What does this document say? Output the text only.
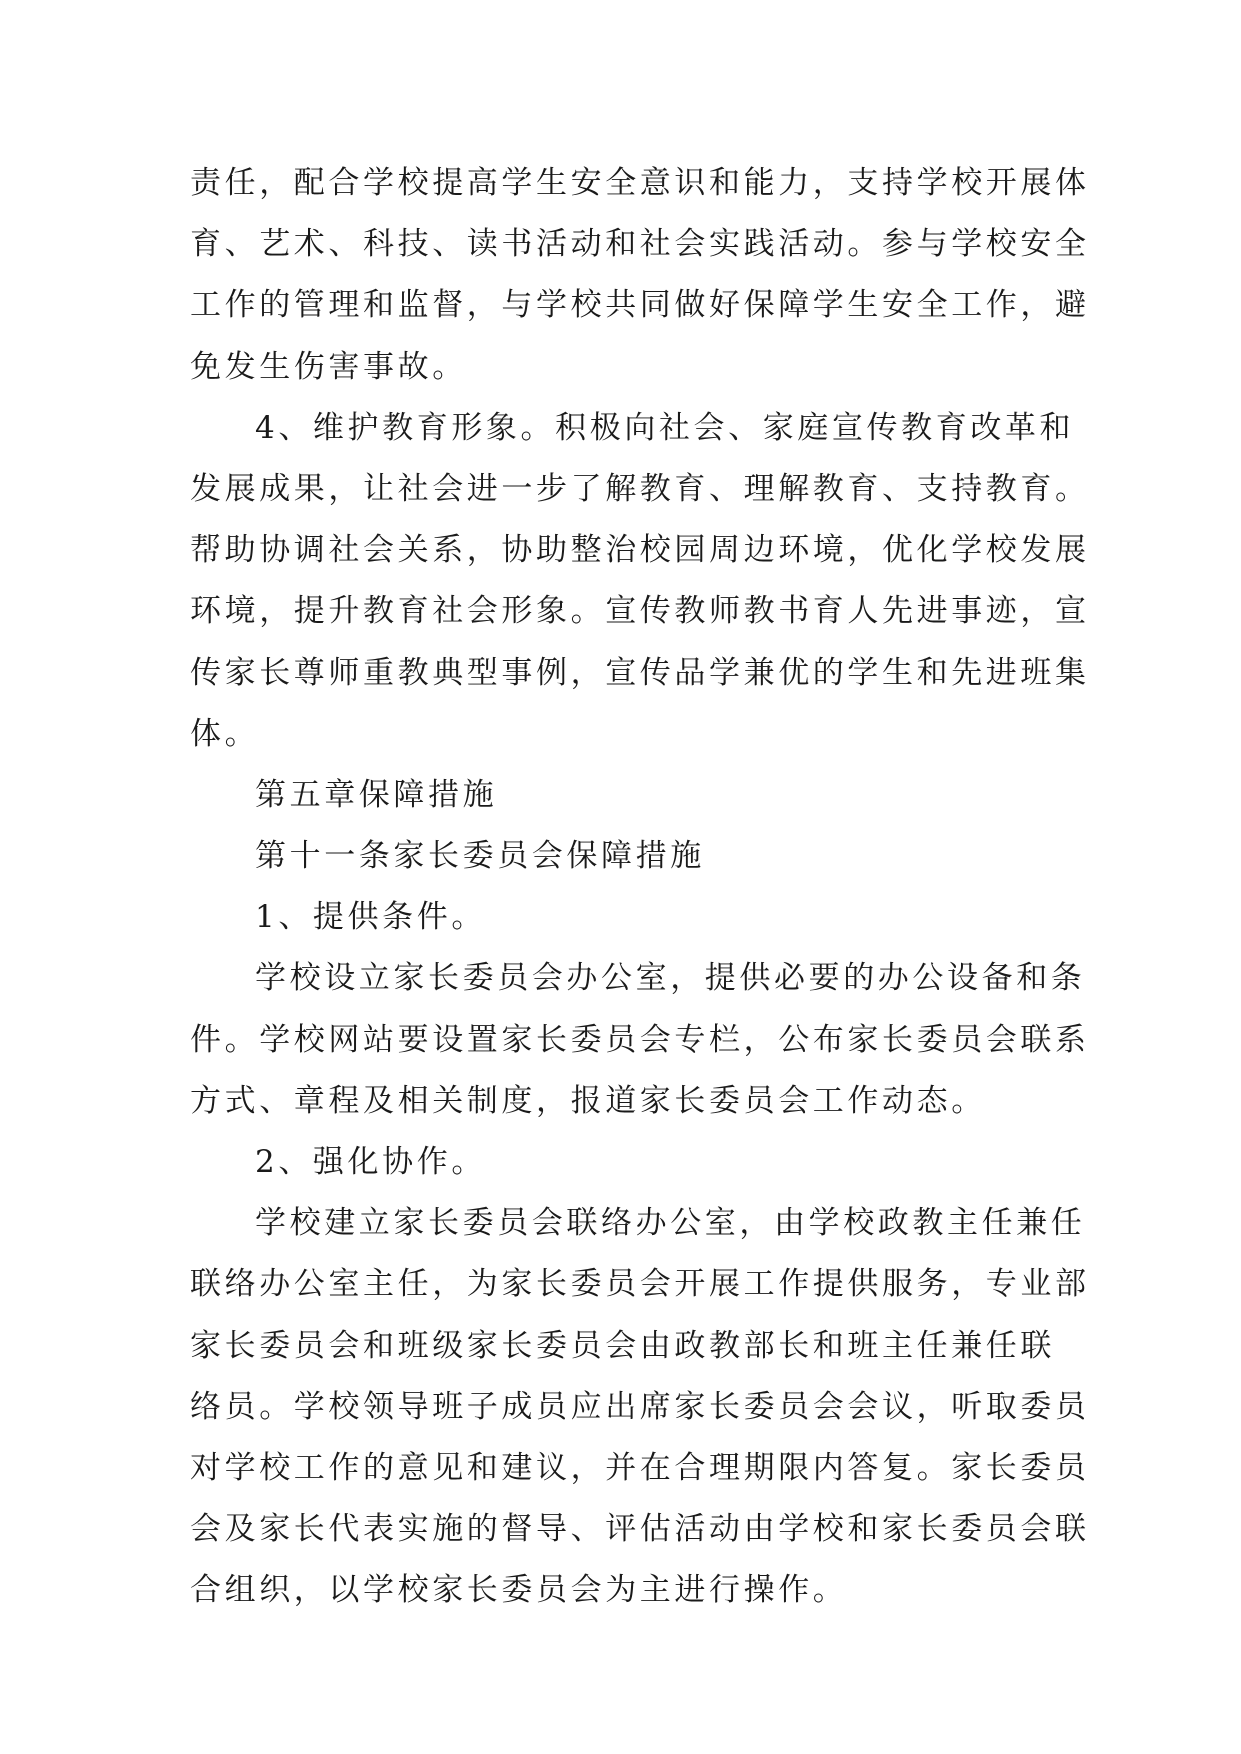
责任，配合学校提高学生安全意识和能力，支持学校开展体
育、艺术、科技、读书活动和社会实践活动。参与学校安全
工作的管理和监督，与学校共同做好保障学生安全工作，避
免发生伤害事故。
4、维护教育形象。积极向社会、家庭宣传教育改革和
发展成果，让社会进一步了解教育、理解教育、支持教育。
帮助协调社会关系，协助整治校园周边环境，优化学校发展
环境，提升教育社会形象。宣传教师教书育人先进事迹，宣
传家长尊师重教典型事例，宣传品学兼优的学生和先进班集
体。
第五章保障措施
第十一条家长委员会保障措施
1、提供条件。
学校设立家长委员会办公室，提供必要的办公设备和条
件。学校网站要设置家长委员会专栏，公布家长委员会联系
方式、章程及相关制度，报道家长委员会工作动态。
2、强化协作。
学校建立家长委员会联络办公室，由学校政教主任兼任
联络办公室主任，为家长委员会开展工作提供服务，专业部
家长委员会和班级家长委员会由政教部长和班主任兼任联
络员。学校领导班子成员应出席家长委员会会议，听取委员
对学校工作的意见和建议，并在合理期限内答复。家长委员
会及家长代表实施的督导、评估活动由学校和家长委员会联
合组织，以学校家长委员会为主进行操作。
